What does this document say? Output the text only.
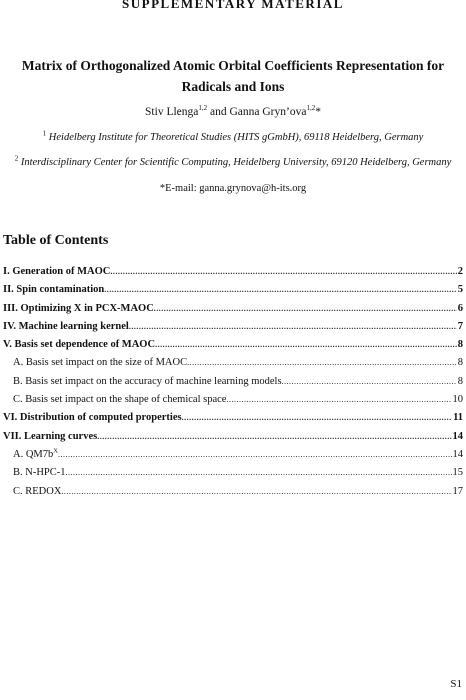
SUPPLEMENTARY MATERIAL
Matrix of Orthogonalized Atomic Orbital Coefficients Representation for Radicals and Ions
Stiv Llenga$^{1,2}$ and Ganna Gryn’ova$^{1,2}$*
$^1$ Heidelberg Institute for Theoretical Studies (HITS gGmbH), 69118 Heidelberg, Germany
$^2$ Interdisciplinary Center for Scientific Computing, Heidelberg University, 69120 Heidelberg, Germany
*E-mail: ganna.grynova@h-its.org
Table of Contents
I. Generation of MAOC .....	2
II. Spin contamination .....	5
III. Optimizing X in PCX-MAOC .....	6
IV. Machine learning kernel .....	7
V. Basis set dependence of MAOC .....	8
A. Basis set impact on the size of MAOC .....	8
B. Basis set impact on the accuracy of machine learning models .....	8
C. Basis set impact on the shape of chemical space .....	10
VI. Distribution of computed properties .....	11
VII. Learning curves .....	14
A. $QM7b^X$ .....	14
B. N-HPC-1 .....	15
C. REDOX .....	17
S1
